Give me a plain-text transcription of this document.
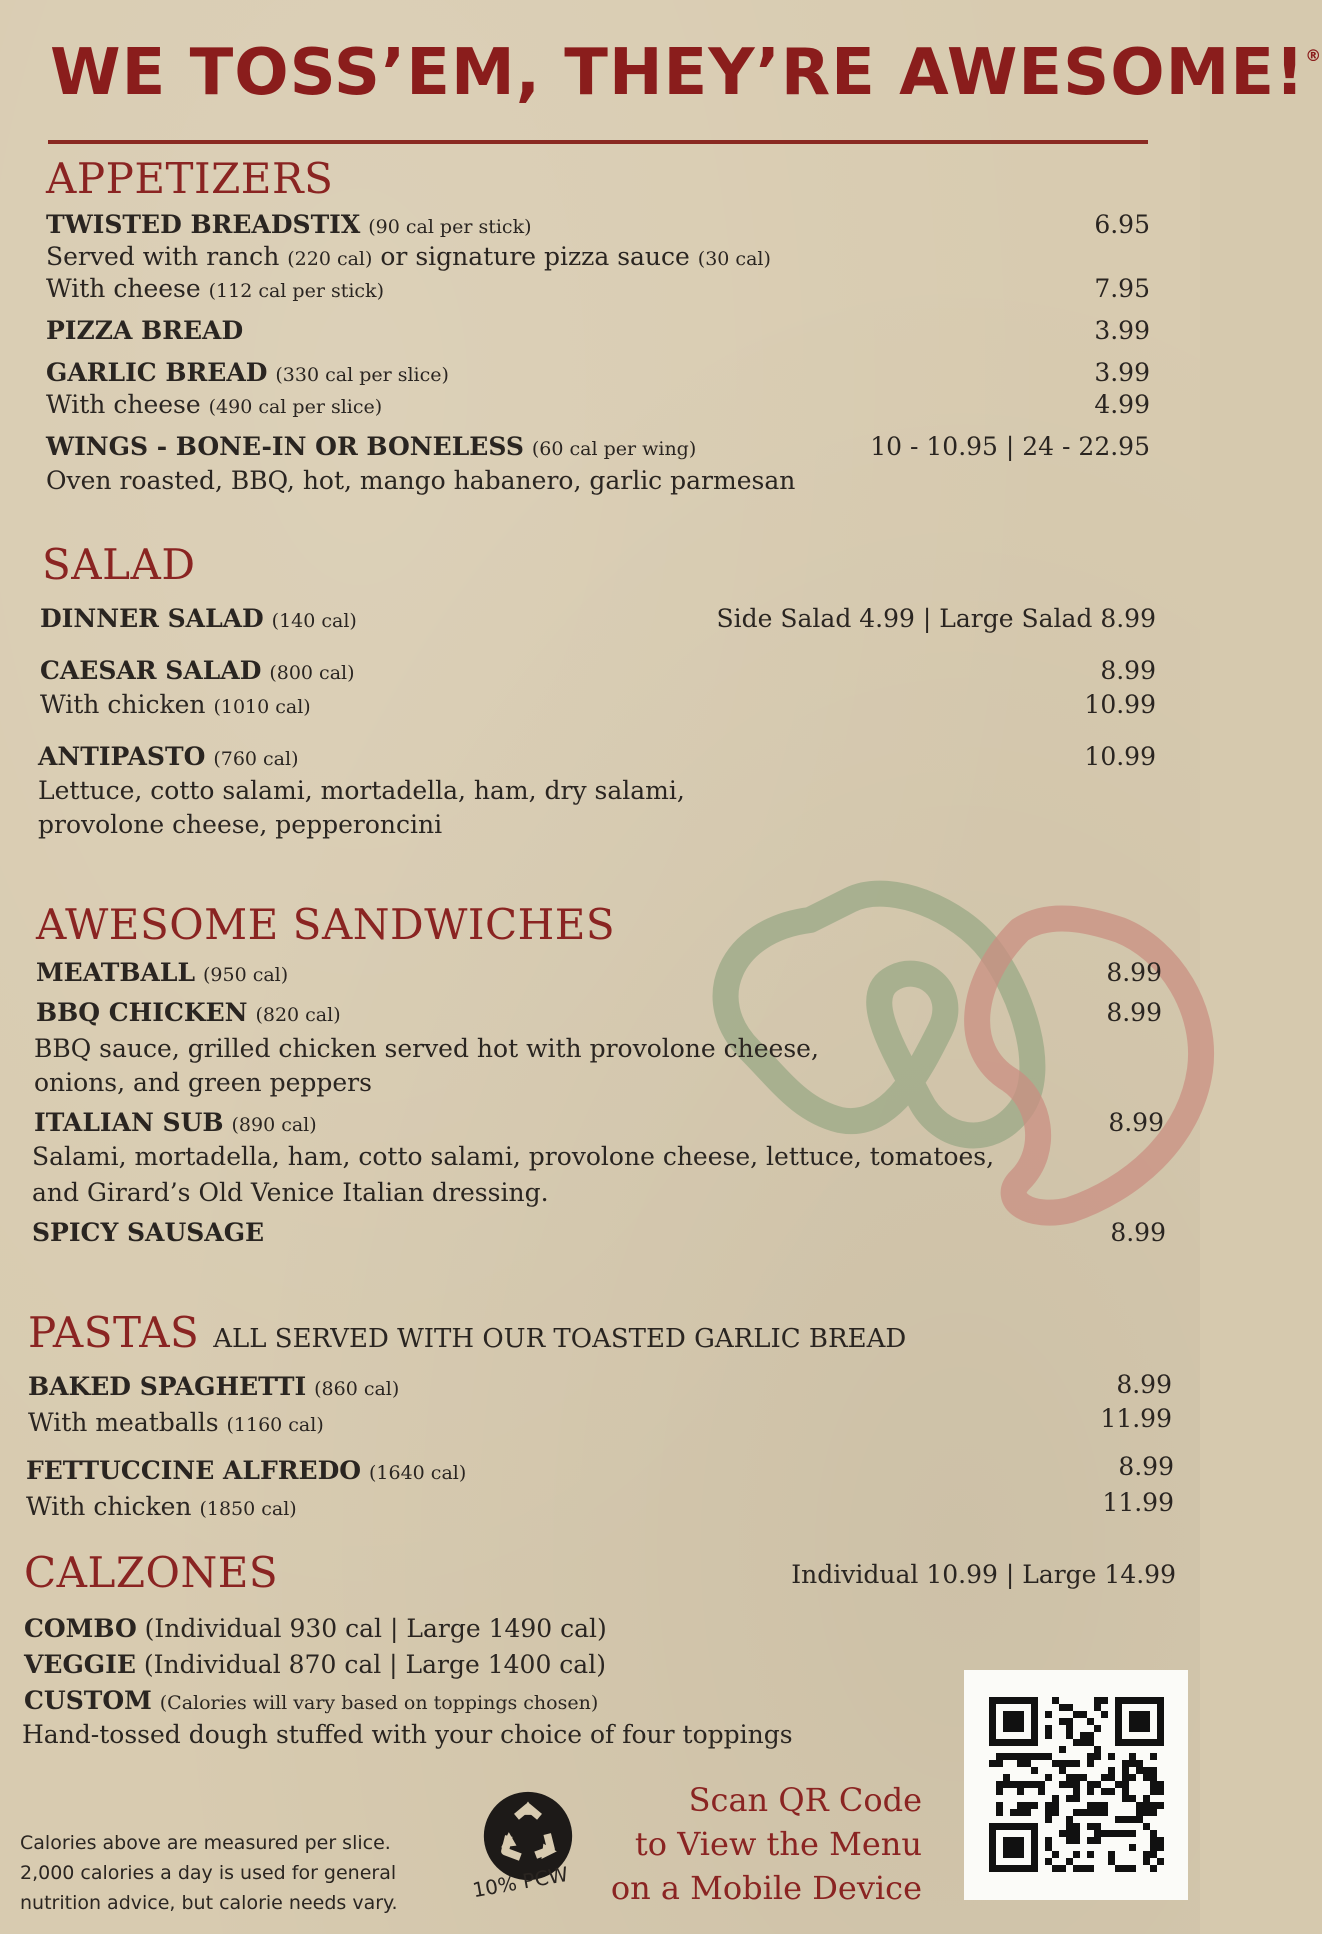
WE TOSS’EM, THEY’RE AWESOME!®
APPETIZERS
TWISTED BREADSTIX (90 cal per stick)	6.95
Served with ranch (220 cal) or signature pizza sauce (30 cal)
With cheese (112 cal per stick)	7.95
PIZZA BREAD	3.99
GARLIC BREAD (330 cal per slice)	3.99
With cheese (490 cal per slice)	4.99
WINGS - BONE-IN OR BONELESS (60 cal per wing)	10 - 10.95 | 24 - 22.95
Oven roasted, BBQ, hot, mango habanero, garlic parmesan
SALAD
DINNER SALAD (140 cal)	Side Salad 4.99 | Large Salad 8.99
CAESAR SALAD (800 cal)	8.99
With chicken (1010 cal)	10.99
ANTIPASTO (760 cal)	10.99
Lettuce, cotto salami, mortadella, ham, dry salami,
provolone cheese, pepperoncini
AWESOME SANDWICHES
MEATBALL (950 cal)	8.99
BBQ CHICKEN (820 cal)	8.99
BBQ sauce, grilled chicken served hot with provolone cheese,
onions, and green peppers
ITALIAN SUB (890 cal)	8.99
Salami, mortadella, ham, cotto salami, provolone cheese, lettuce, tomatoes,
and Girard’s Old Venice Italian dressing.
SPICY SAUSAGE	8.99
PASTAS ALL SERVED WITH OUR TOASTED GARLIC BREAD
BAKED SPAGHETTI (860 cal)	8.99
With meatballs (1160 cal)	11.99
FETTUCCINE ALFREDO (1640 cal)	8.99
With chicken (1850 cal)	11.99
CALZONES	Individual 10.99 | Large 14.99
COMBO (Individual 930 cal | Large 1490 cal)
VEGGIE (Individual 870 cal | Large 1400 cal)
CUSTOM (Calories will vary based on toppings chosen)
Hand-tossed dough stuffed with your choice of four toppings
Calories above are measured per slice.
2,000 calories a day is used for general
nutrition advice, but calorie needs vary.
10% PCW
Scan QR Code
to View the Menu
on a Mobile Device
